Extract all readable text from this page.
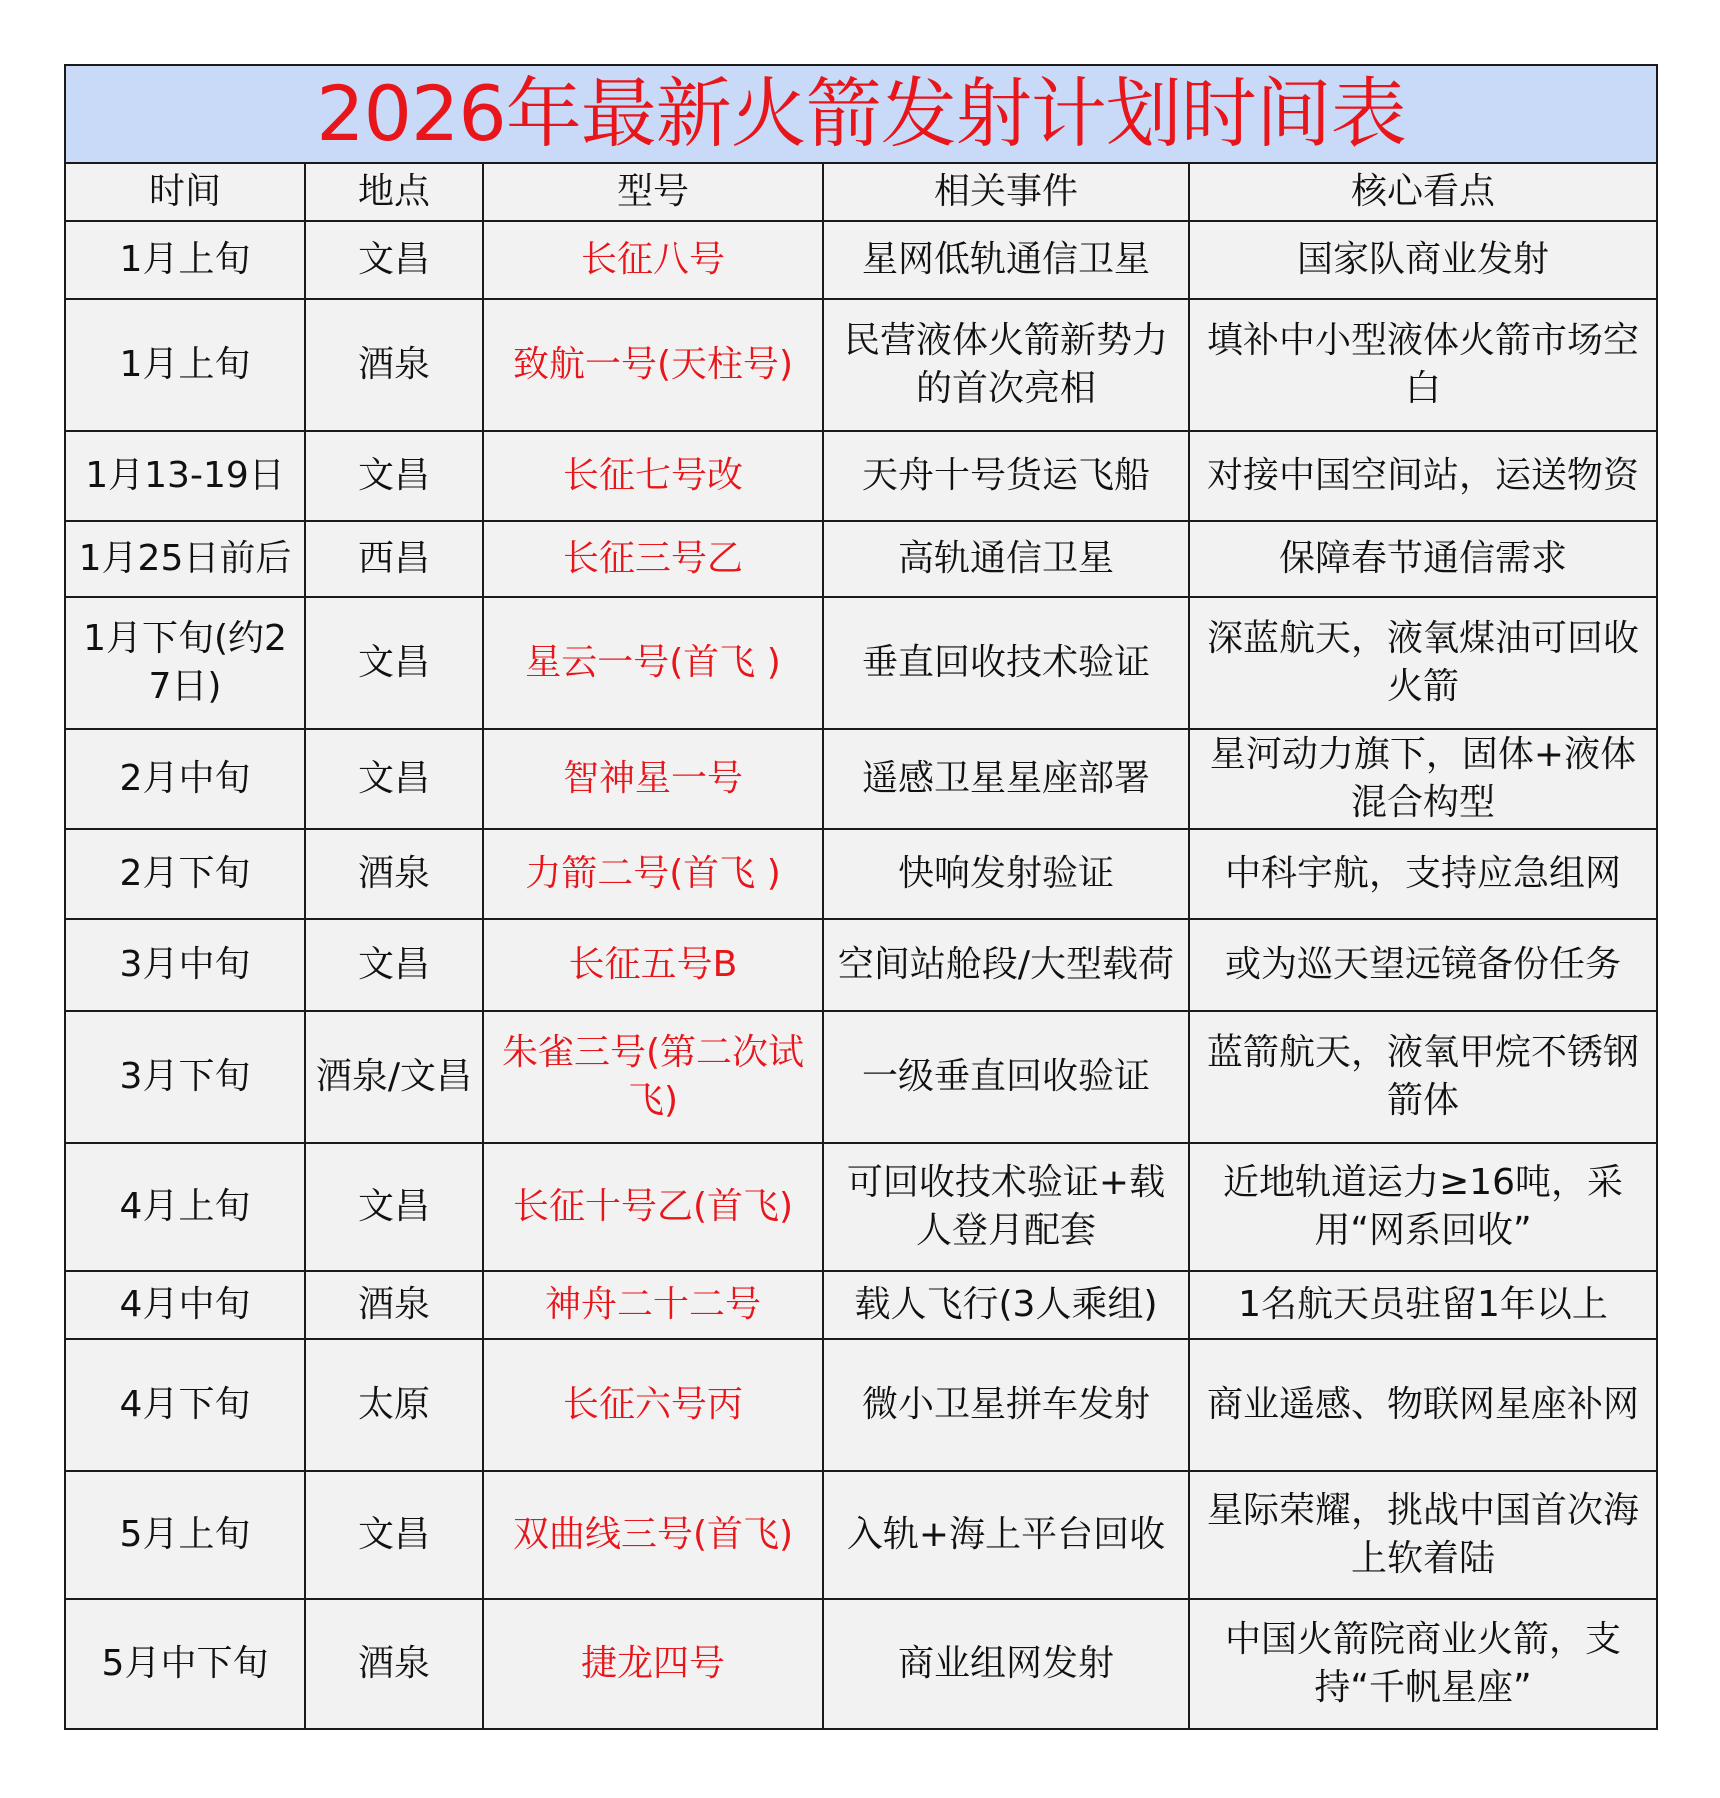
2026年最新火箭发射计划时间表				
时间	地点	型号	相关事件	核心看点
1月上旬	文昌	长征八号	星网低轨通信卫星	国家队商业发射
1月上旬	酒泉	致航一号(天柱号)	民营液体火箭新势力的首次亮相	填补中小型液体火箭市场空白
1月13-19日	文昌	长征七号改	天舟十号货运飞船	对接中国空间站，运送物资
1月25日前后	西昌	长征三号乙	高轨通信卫星	保障春节通信需求
1月下旬(约27日)	文昌	星云一号(首飞 )	垂直回收技术验证	深蓝航天，液氧煤油可回收火箭
2月中旬	文昌	智神星一号	遥感卫星星座部署	星河动力旗下，固体+液体混合构型
2月下旬	酒泉	力箭二号(首飞 )	快响发射验证	中科宇航，支持应急组网
3月中旬	文昌	长征五号B	空间站舱段/大型载荷	或为巡天望远镜备份任务
3月下旬	酒泉/文昌	朱雀三号(第二次试飞)	一级垂直回收验证	蓝箭航天，液氧甲烷不锈钢箭体
4月上旬	文昌	长征十号乙(首飞)	可回收技术验证+载人登月配套	近地轨道运力≥16吨，采用“网系回收”
4月中旬	酒泉	神舟二十二号	载人飞行(3人乘组)	1名航天员驻留1年以上
4月下旬	太原	长征六号丙	微小卫星拼车发射	商业遥感、物联网星座补网
5月上旬	文昌	双曲线三号(首飞)	入轨+海上平台回收	星际荣耀，挑战中国首次海上软着陆
5月中下旬	酒泉	捷龙四号	商业组网发射	中国火箭院商业火箭，支持“千帆星座”
